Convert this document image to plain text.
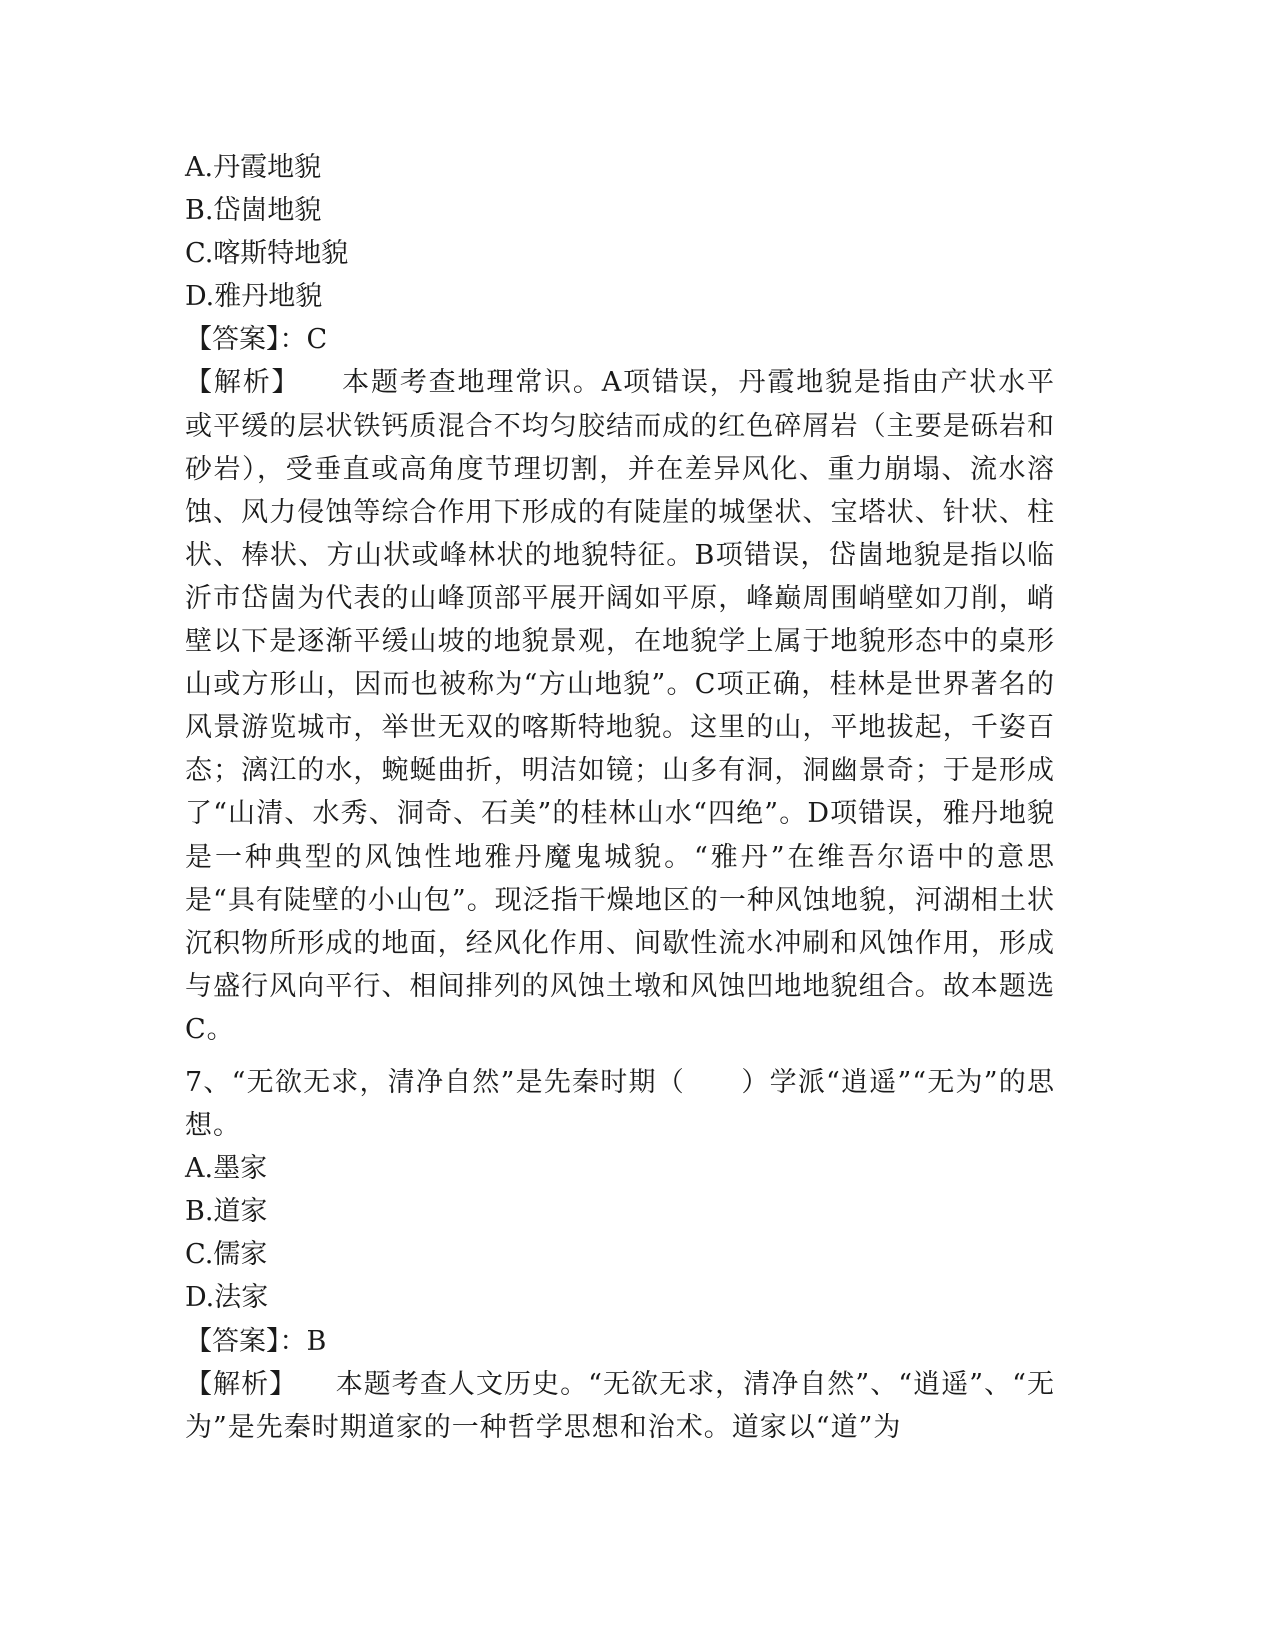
A.丹霞地貌
B.岱崮地貌
C.喀斯特地貌
D.雅丹地貌
【答案】：C
【解析】 本题考查地理常识。A项错误，丹霞地貌是指由产状水平或平缓的层状铁钙质混合不均匀胶结而成的红色碎屑岩（主要是砾岩和砂岩），受垂直或高角度节理切割，并在差异风化、重力崩塌、流水溶蚀、风力侵蚀等综合作用下形成的有陡崖的城堡状、宝塔状、针状、柱状、棒状、方山状或峰林状的地貌特征。B项错误，岱崮地貌是指以临沂市岱崮为代表的山峰顶部平展开阔如平原，峰巅周围峭壁如刀削，峭壁以下是逐渐平缓山坡的地貌景观，在地貌学上属于地貌形态中的桌形山或方形山，因而也被称为“方山地貌”。C项正确，桂林是世界著名的风景游览城市，举世无双的喀斯特地貌。这里的山，平地拔起，千姿百态；漓江的水，蜿蜒曲折，明洁如镜；山多有洞，洞幽景奇；于是形成了“山清、水秀、洞奇、石美”的桂林山水“四绝”。D项错误，雅丹地貌是一种典型的风蚀性地雅丹魔鬼城貌。“雅丹”在维吾尔语中的意思是“具有陡壁的小山包”。现泛指干燥地区的一种风蚀地貌，河湖相土状沉积物所形成的地面，经风化作用、间歇性流水冲刷和风蚀作用，形成与盛行风向平行、相间排列的风蚀土墩和风蚀凹地地貌组合。故本题选C。
7、“无欲无求，清净自然”是先秦时期（　　）学派“逍遥”“无为”的思想。
A.墨家
B.道家
C.儒家
D.法家
【答案】：B
【解析】 本题考查人文历史。“无欲无求，清净自然”、“逍遥”、“无为”是先秦时期道家的一种哲学思想和治术。道家以“道”为
